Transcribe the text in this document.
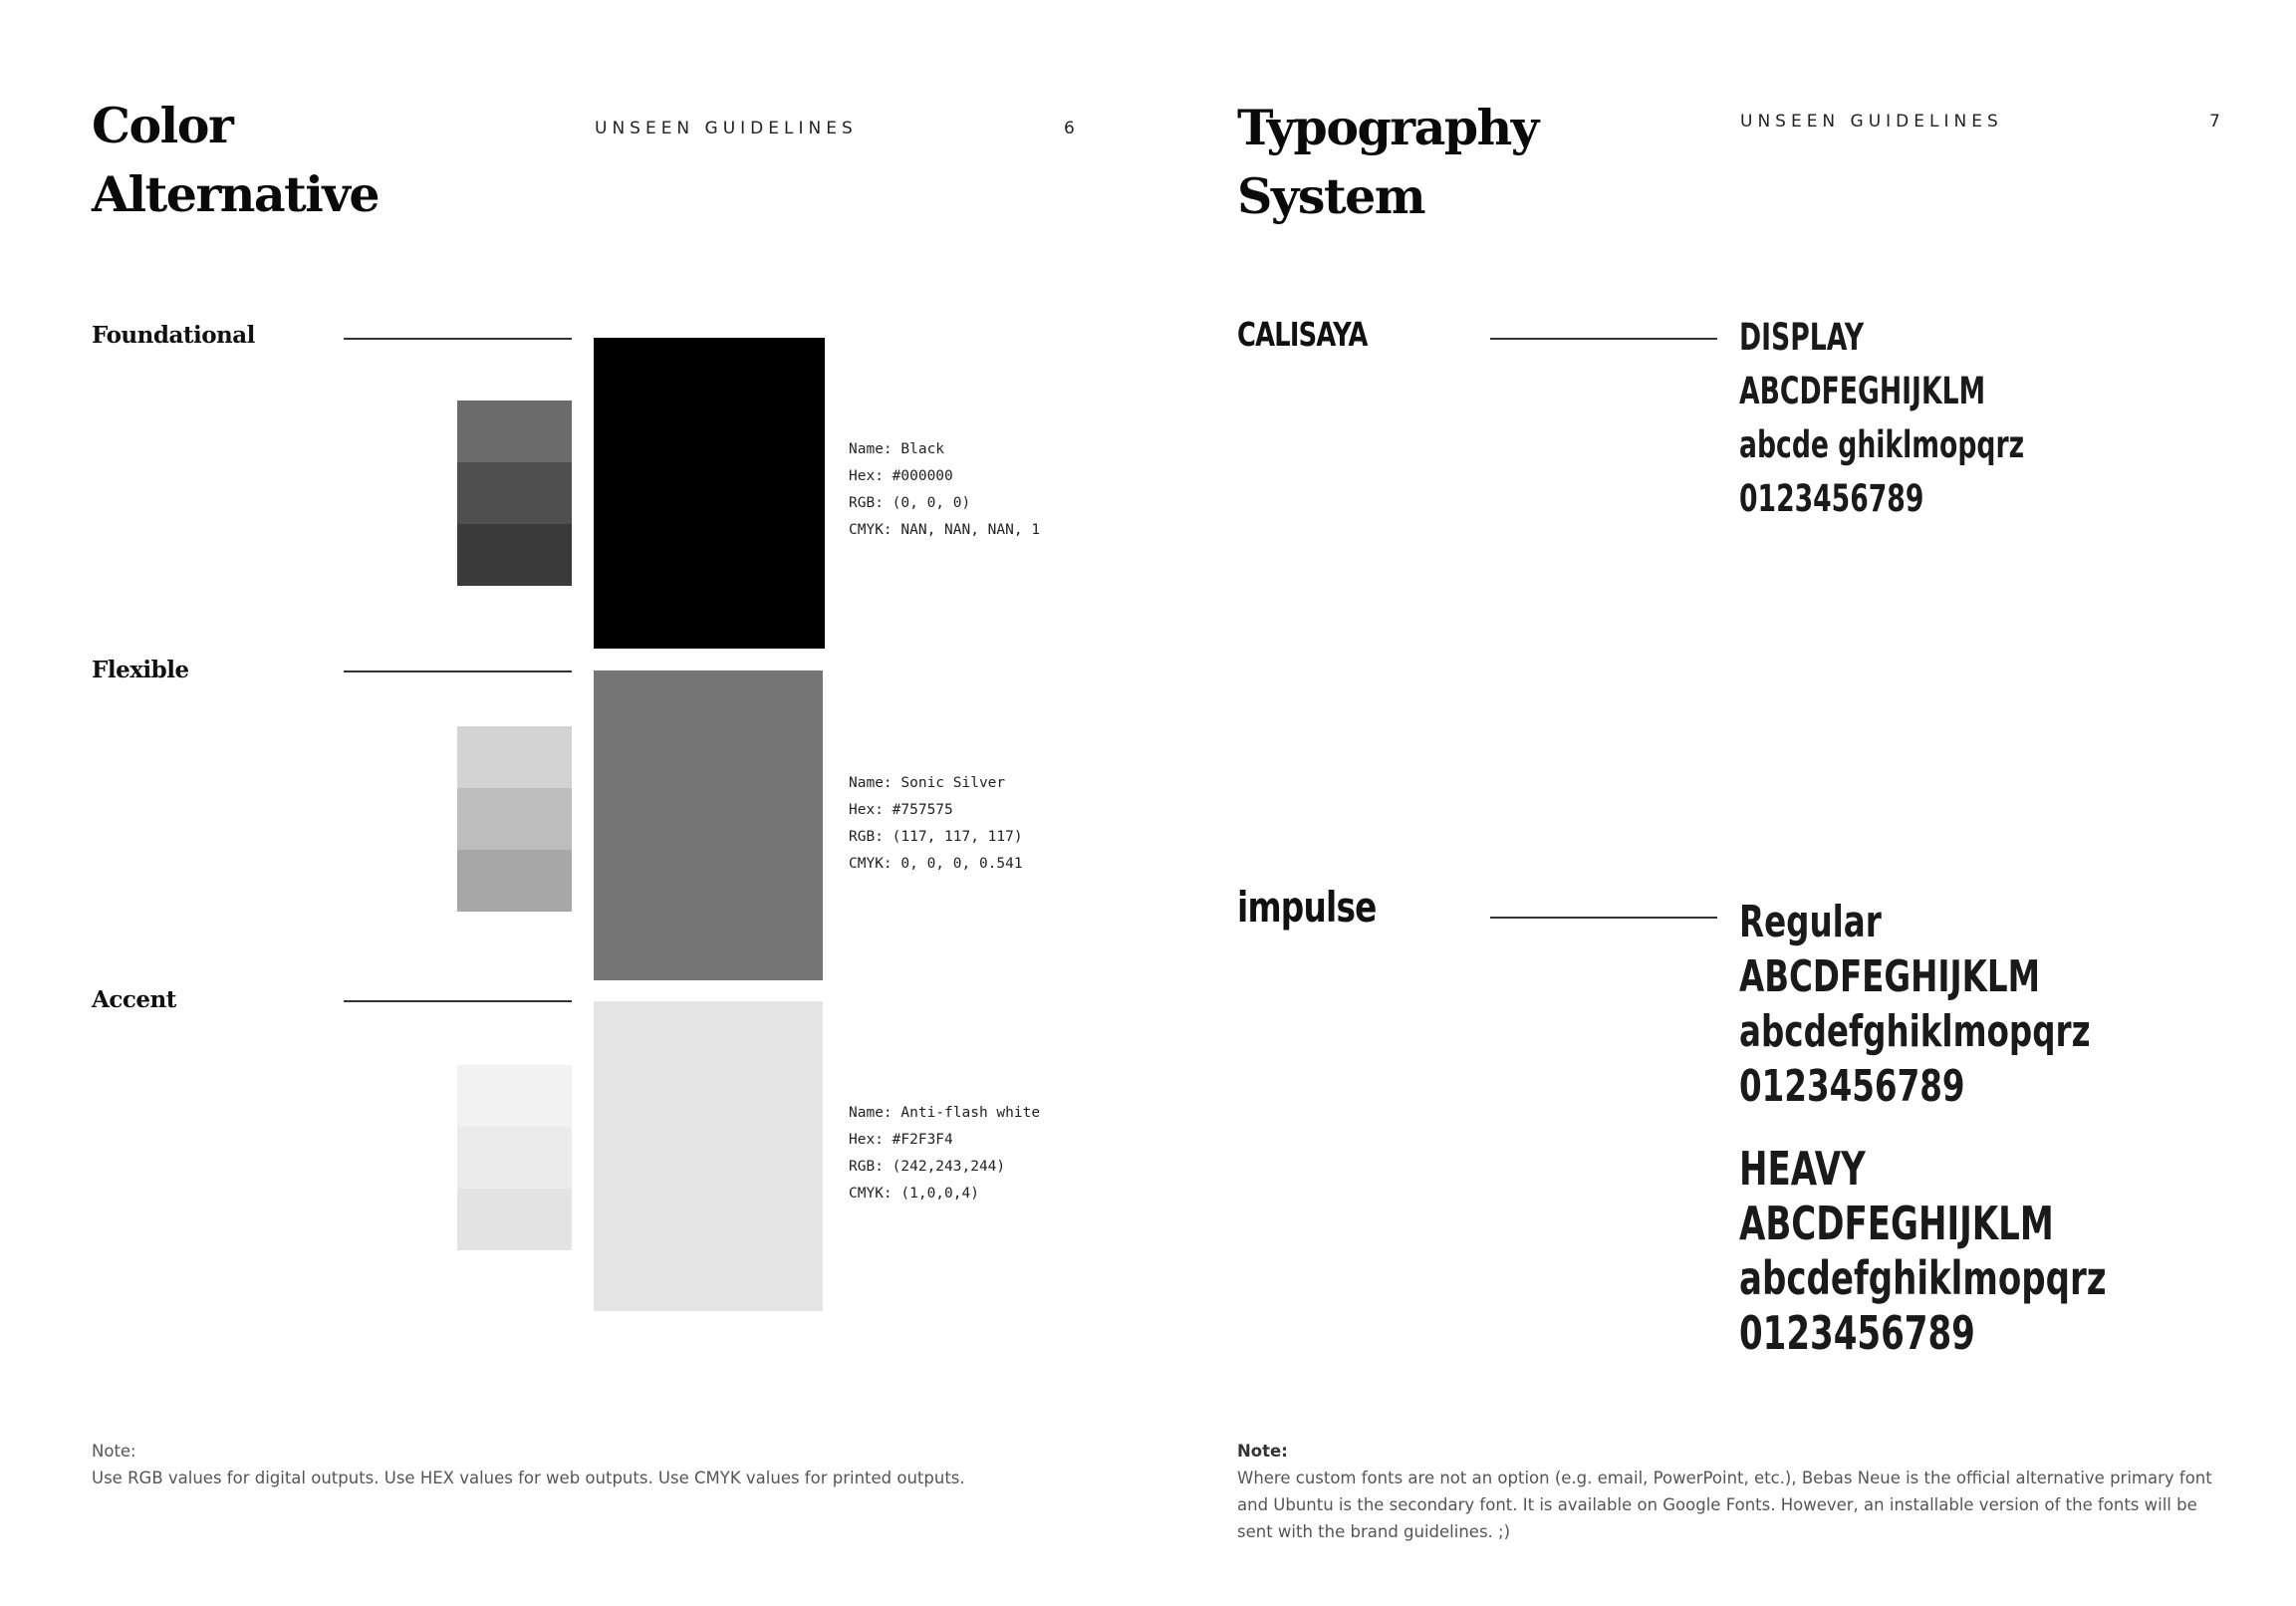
Color
Alternative
UNSEEN GUIDELINES	6
Foundational
Name: Black
Hex: #000000
RGB: (0, 0, 0)
CMYK: NAN, NAN, NAN, 1
Flexible
Name: Sonic Silver
Hex: #757575
RGB: (117, 117, 117)
CMYK: 0, 0, 0, 0.541
Accent
Name: Anti-flash white
Hex: #F2F3F4
RGB: (242,243,244)
CMYK: (1,0,0,4)
Note:
Use RGB values for digital outputs. Use HEX values for web outputs. Use CMYK values for printed outputs.
Typography
System
UNSEEN GUIDELINES	7
CALISAYA	DISPLAY
ABCDFEGHIJKLM
abcde ghiklmopqrz
0123456789
impulse	Regular
ABCDFEGHIJKLM
abcdefghiklmopqrz
0123456789
HEAVY
ABCDFEGHIJKLM
abcdefghiklmopqrz
0123456789
Note:
Where custom fonts are not an option (e.g. email, PowerPoint, etc.), Bebas Neue is the official alternative primary font
and Ubuntu is the secondary font. It is available on Google Fonts. However, an installable version of the fonts will be
sent with the brand guidelines. ;)
